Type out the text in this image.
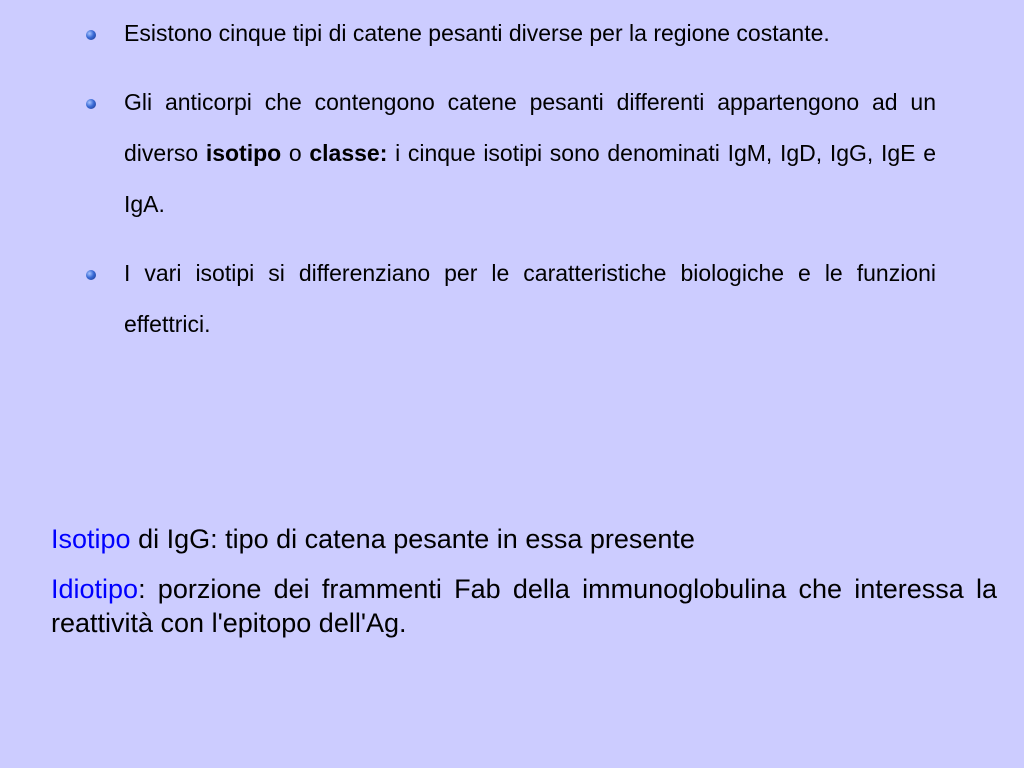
Esistono cinque tipi di catene pesanti diverse per la regione costante.
Gli anticorpi che contengono catene pesanti differenti appartengono ad un diverso isotipo o classe: i cinque isotipi sono denominati IgM, IgD, IgG, IgE e IgA.
I vari isotipi si differenziano per le caratteristiche biologiche e le funzioni effettrici.

Isotipo di IgG: tipo di catena pesante in essa presente

Idiotipo: porzione dei frammenti Fab della immunoglobulina che interessa la reattività con l'epitopo dell'Ag.
